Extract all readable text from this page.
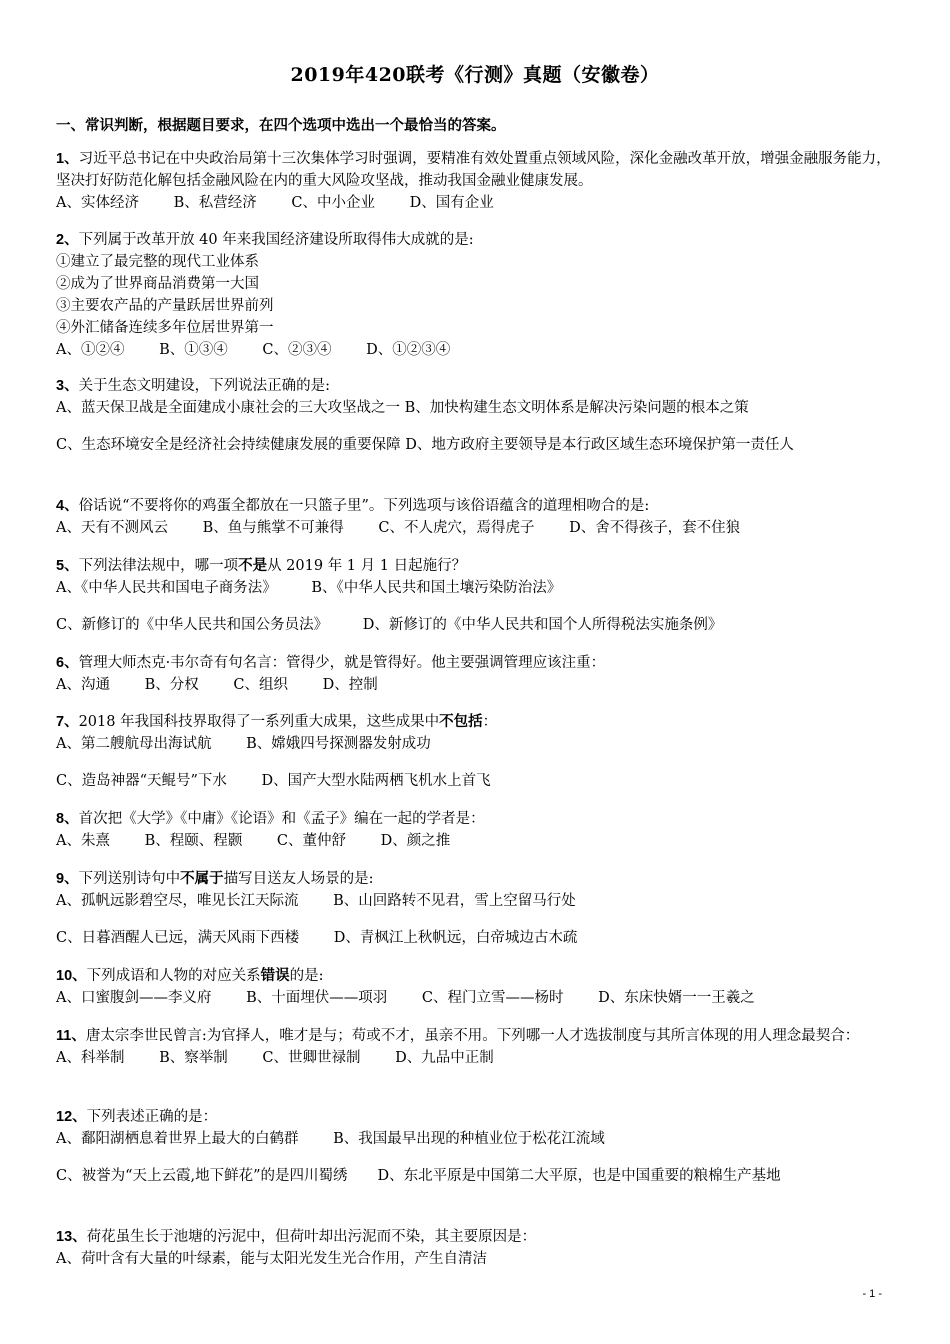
2019年420联考《行测》真题（安徽卷）
一、常识判断，根据题目要求，在四个选项中选出一个最恰当的答案。
1、习近平总书记在中央政治局第十三次集体学习时强调，要精准有效处置重点领域风险，深化金融改革开放，增强金融服务能力，坚决打好防范化解包括金融风险在内的重大风险攻坚战，推动我国金融业健康发展。
A、实体经济 B、私营经济 C、中小企业 D、国有企业
2、下列属于改革开放 40 年来我国经济建设所取得伟大成就的是:
①建立了最完整的现代工业体系
②成为了世界商品消费第一大国
③主要农产品的产量跃居世界前列
④外汇储备连续多年位居世界第一
A、①②④ B、①③④ C、②③④ D、①②③④
3、关于生态文明建设，下列说法正确的是:
A、蓝天保卫战是全面建成小康社会的三大攻坚战之一 B、加快构建生态文明体系是解决污染问题的根本之策
C、生态环境安全是经济社会持续健康发展的重要保障 D、地方政府主要领导是本行政区域生态环境保护第一责任人
4、俗话说“不要将你的鸡蛋全都放在一只篮子里”。下列选项与该俗语蕴含的道理相吻合的是:
A、天有不测风云 B、鱼与熊掌不可兼得 C、不人虎穴，焉得虎子 D、舍不得孩子，套不住狼
5、下列法律法规中，哪一项不是从 2019 年 1 月 1 日起施行？
A、《中华人民共和国电子商务法》 B、《中华人民共和国土壤污染防治法》
C、新修订的《中华人民共和国公务员法》 D、新修订的《中华人民共和国个人所得税法实施条例》
6、管理大师杰克·韦尔奇有句名言：管得少，就是管得好。他主要强调管理应该注重：
A、沟通 B、分权 C、组织 D、控制
7、2018 年我国科技界取得了一系列重大成果，这些成果中不包括：
A、第二艘航母出海试航 B、嫦娥四号探测器发射成功
C、造岛神器“天鲲号”下水 D、国产大型水陆两栖飞机水上首飞
8、首次把《大学》《中庸》《论语》和《孟子》编在一起的学者是：
A、朱熹 B、程颐、程颢 C、董仲舒 D、颜之推
9、下列送别诗句中不属于描写目送友人场景的是:
A、孤帆远影碧空尽，唯见长江天际流 B、山回路转不见君，雪上空留马行处
C、日暮酒醒人已远，满天风雨下西楼 D、青枫江上秋帆远，白帝城边古木疏
10、下列成语和人物的对应关系错误的是:
A、口蜜腹剑——李义府 B、十面埋伏——项羽 C、程门立雪——杨时 D、东床快婿一一王羲之
11、唐太宗李世民曾言:为官择人，唯才是与；苟或不才，虽亲不用。下列哪一人才选拔制度与其所言体现的用人理念最契合：
A、科举制 B、察举制 C、世卿世禄制 D、九品中正制
12、下列表述正确的是：
A、鄱阳湖栖息着世界上最大的白鹤群 B、我国最早出现的种植业位于松花江流域
C、被誉为“天上云霞,地下鲜花”的是四川蜀绣 D、东北平原是中国第二大平原，也是中国重要的粮棉生产基地
13、荷花虽生长于池塘的污泥中，但荷叶却出污泥而不染，其主要原因是：
A、荷叶含有大量的叶绿素，能与太阳光发生光合作用，产生自清洁
- 1 -
